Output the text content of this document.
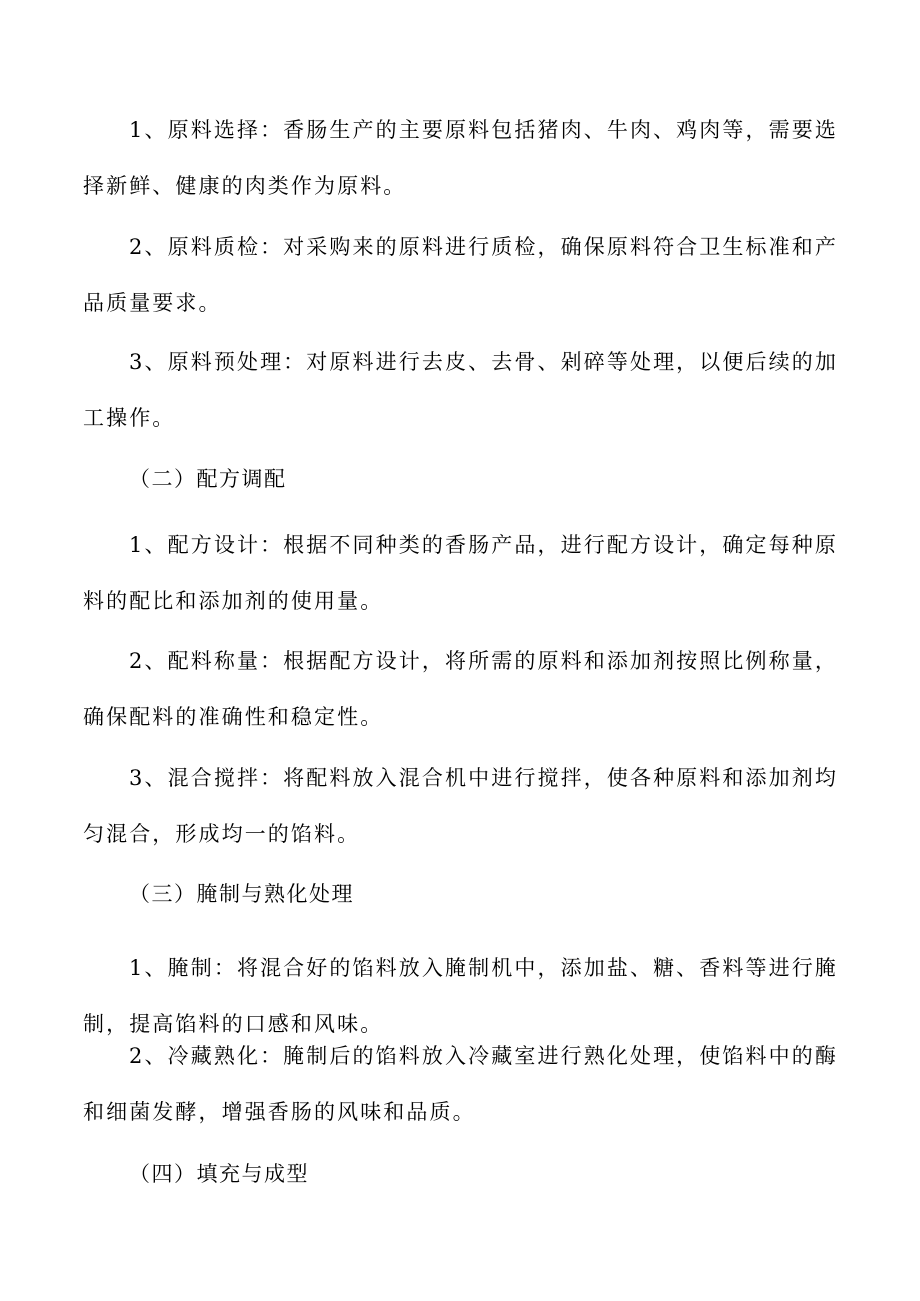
1、原料选择：香肠生产的主要原料包括猪肉、牛肉、鸡肉等，需要选择新鲜、健康的肉类作为原料。

2、原料质检：对采购来的原料进行质检，确保原料符合卫生标准和产品质量要求。

3、原料预处理：对原料进行去皮、去骨、剁碎等处理，以便后续的加工操作。

（二）配方调配

1、配方设计：根据不同种类的香肠产品，进行配方设计，确定每种原料的配比和添加剂的使用量。

2、配料称量：根据配方设计，将所需的原料和添加剂按照比例称量，确保配料的准确性和稳定性。

3、混合搅拌：将配料放入混合机中进行搅拌，使各种原料和添加剂均匀混合，形成均一的馅料。

（三）腌制与熟化处理

1、腌制：将混合好的馅料放入腌制机中，添加盐、糖、香料等进行腌制，提高馅料的口感和风味。

2、冷藏熟化：腌制后的馅料放入冷藏室进行熟化处理，使馅料中的酶和细菌发酵，增强香肠的风味和品质。

（四）填充与成型
